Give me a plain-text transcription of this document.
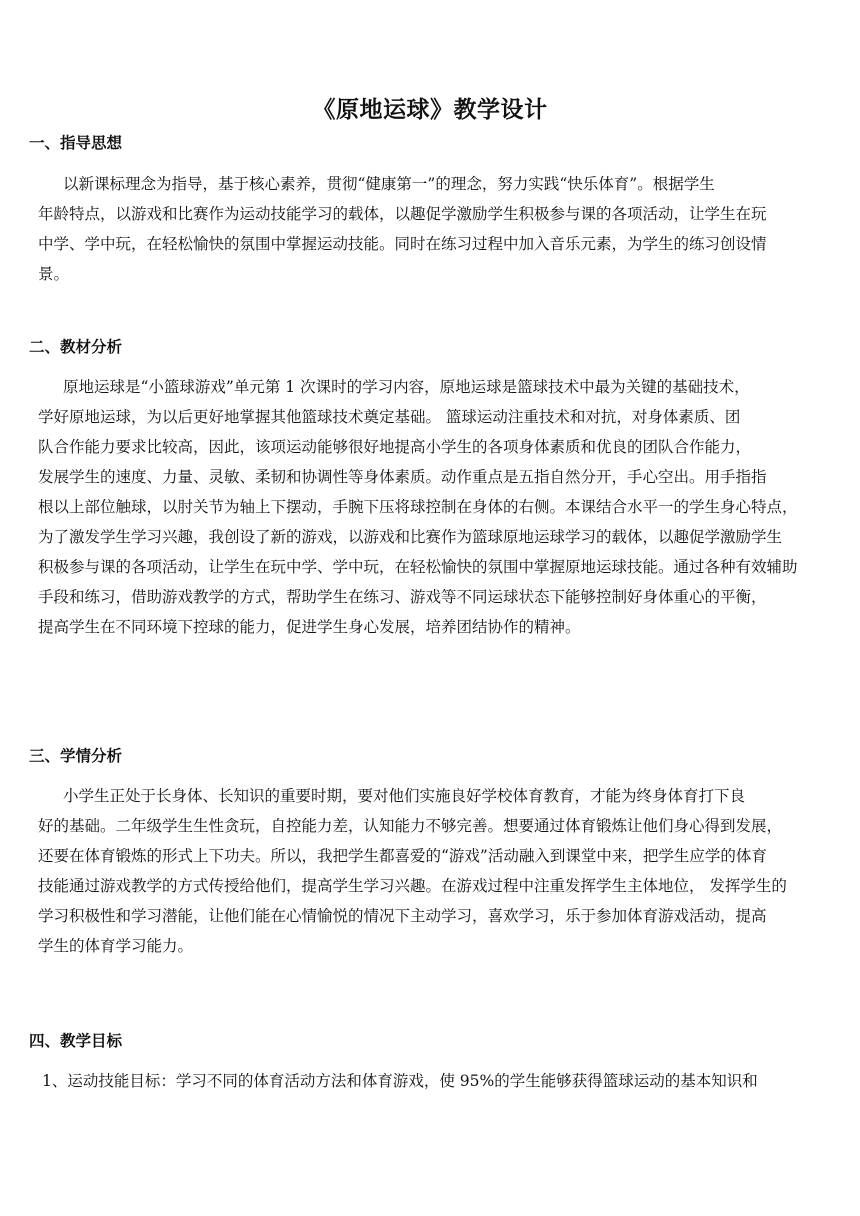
《原地运球》教学设计
一、指导思想
以新课标理念为指导，基于核心素养，贯彻“健康第一”的理念，努力实践“快乐体育”。根据学生
年龄特点，以游戏和比赛作为运动技能学习的载体，以趣促学激励学生积极参与课的各项活动，让学生在玩
中学、学中玩，在轻松愉快的氛围中掌握运动技能。同时在练习过程中加入音乐元素，为学生的练习创设情
景。
二、教材分析
原地运球是“小篮球游戏”单元第 1 次课时的学习内容，原地运球是篮球技术中最为关键的基础技术，
学好原地运球，为以后更好地掌握其他篮球技术奠定基础。 篮球运动注重技术和对抗，对身体素质、团
队合作能力要求比较高，因此，该项运动能够很好地提高小学生的各项身体素质和优良的团队合作能力，
发展学生的速度、力量、灵敏、柔韧和协调性等身体素质。动作重点是五指自然分开，手心空出。用手指指
根以上部位触球，以肘关节为轴上下摆动，手腕下压将球控制在身体的右侧。本课结合水平一的学生身心特点，
为了激发学生学习兴趣，我创设了新的游戏，以游戏和比赛作为篮球原地运球学习的载体，以趣促学激励学生
积极参与课的各项活动，让学生在玩中学、学中玩，在轻松愉快的氛围中掌握原地运球技能。通过各种有效辅助
手段和练习，借助游戏教学的方式，帮助学生在练习、游戏等不同运球状态下能够控制好身体重心的平衡，
提高学生在不同环境下控球的能力，促进学生身心发展，培养团结协作的精神。
三、学情分析
小学生正处于长身体、长知识的重要时期，要对他们实施良好学校体育教育，才能为终身体育打下良
好的基础。二年级学生生性贪玩，自控能力差，认知能力不够完善。想要通过体育锻炼让他们身心得到发展，
还要在体育锻炼的形式上下功夫。所以，我把学生都喜爱的“游戏”活动融入到课堂中来，把学生应学的体育
技能通过游戏教学的方式传授给他们，提高学生学习兴趣。在游戏过程中注重发挥学生主体地位， 发挥学生的
学习积极性和学习潜能，让他们能在心情愉悦的情况下主动学习，喜欢学习，乐于参加体育游戏活动，提高
学生的体育学习能力。
四、教学目标
1、运动技能目标：学习不同的体育活动方法和体育游戏，使 95%的学生能够获得篮球运动的基本知识和
